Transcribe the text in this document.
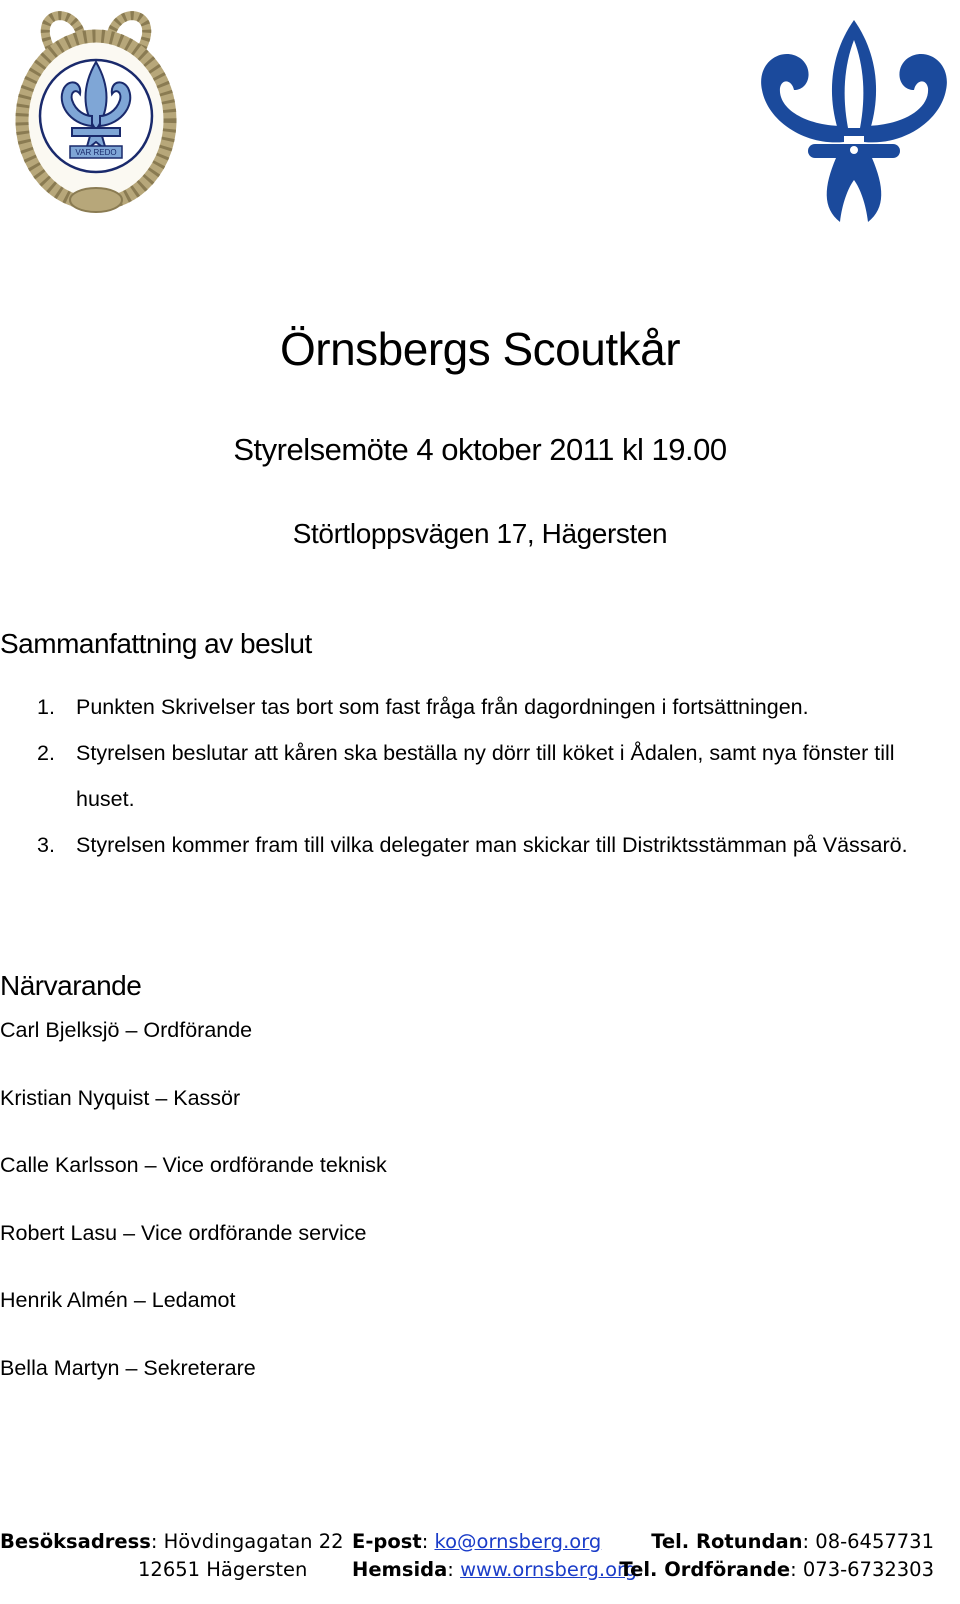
VAR REDO
Örnsbergs Scoutkår
Styrelsemöte 4 oktober 2011 kl 19.00
Störtloppsvägen 17, Hägersten
Sammanfattning av beslut
1. Punkten Skrivelser tas bort som fast fråga från dagordningen i fortsättningen.
2. Styrelsen beslutar att kåren ska beställa ny dörr till köket i Ådalen, samt nya fönster till huset.
3. Styrelsen kommer fram till vilka delegater man skickar till Distriktsstämman på Vässarö.
Närvarande
Carl Bjelksjö – Ordförande
Kristian Nyquist – Kassör
Calle Karlsson – Vice ordförande teknisk
Robert Lasu – Vice ordförande service
Henrik Almén – Ledamot
Bella Martyn – Sekreterare
Besöksadress: Hövdingagatan 22
12651 Hägersten
E-post: ko@ornsberg.org
Hemsida: www.ornsberg.org
Tel. Rotundan: 08-6457731
Tel. Ordförande: 073-6732303
